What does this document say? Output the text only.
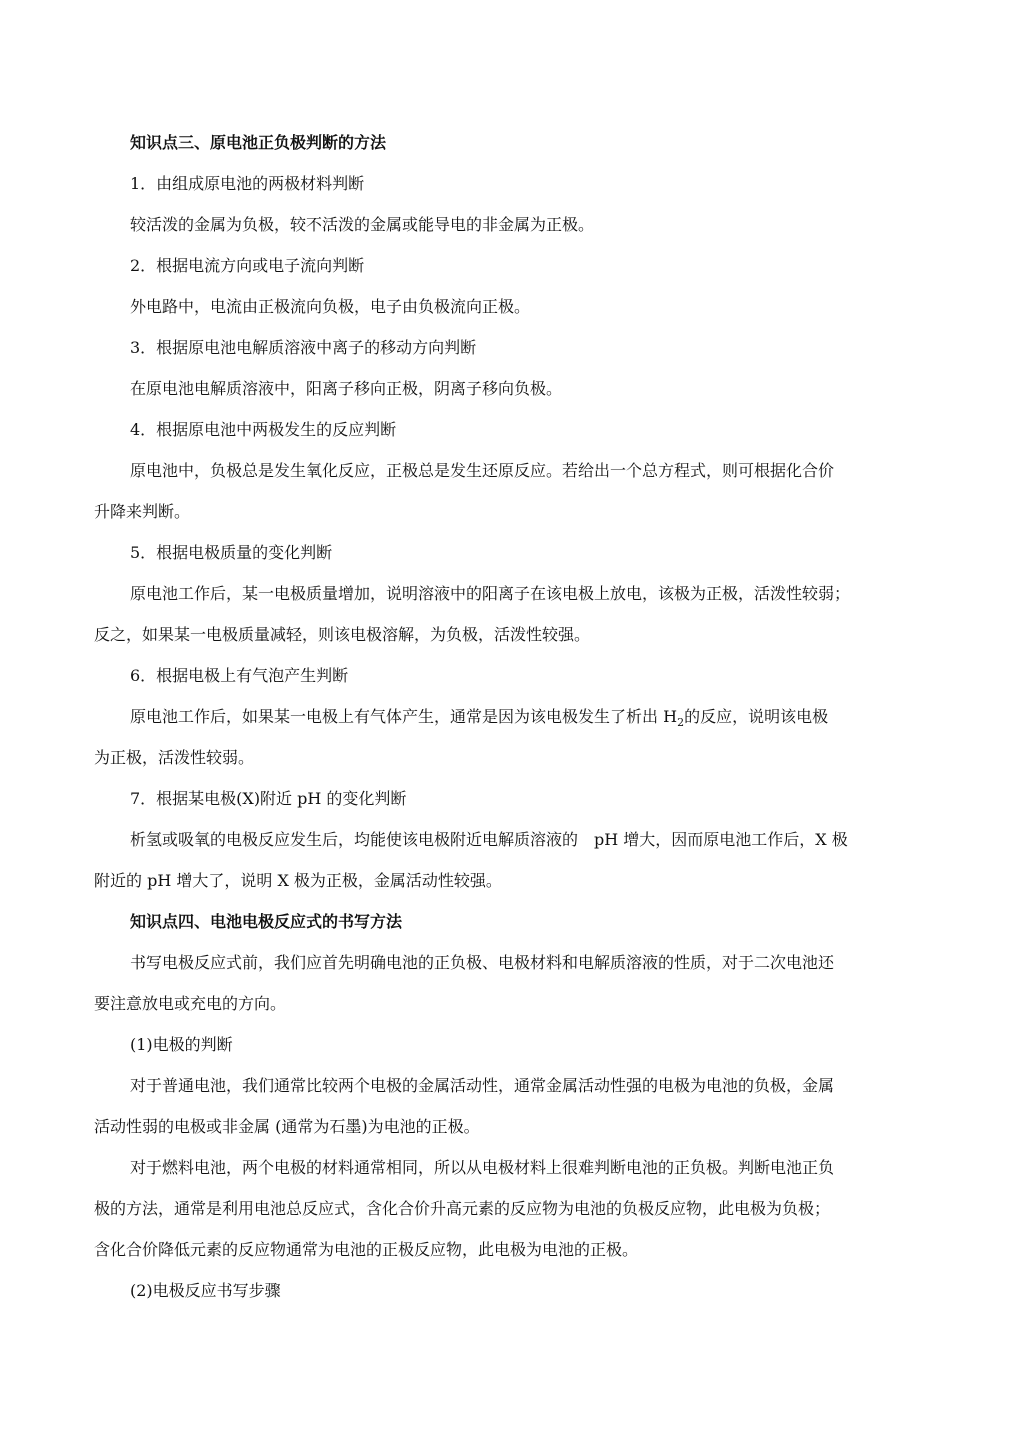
知识点三、原电池正负极判断的方法
1．由组成原电池的两极材料判断
较活泼的金属为负极，较不活泼的金属或能导电的非金属为正极。
2．根据电流方向或电子流向判断
外电路中，电流由正极流向负极，电子由负极流向正极。
3．根据原电池电解质溶液中离子的移动方向判断
在原电池电解质溶液中，阳离子移向正极，阴离子移向负极。
4．根据原电池中两极发生的反应判断
原电池中，负极总是发生氧化反应，正极总是发生还原反应。若给出一个总方程式，则可根据化合价
升降来判断。
5．根据电极质量的变化判断
原电池工作后，某一电极质量增加，说明溶液中的阳离子在该电极上放电，该极为正极，活泼性较弱；
反之，如果某一电极质量减轻，则该电极溶解，为负极，活泼性较强。
6．根据电极上有气泡产生判断
原电池工作后，如果某一电极上有气体产生，通常是因为该电极发生了析出 $H_2$的反应，说明该电极
为正极，活泼性较弱。
7．根据某电极(X)附近 pH 的变化判断
析氢或吸氧的电极反应发生后，均能使该电极附近电解质溶液的　pH 增大，因而原电池工作后，X 极
附近的 pH 增大了，说明 X 极为正极，金属活动性较强。
知识点四、电池电极反应式的书写方法
书写电极反应式前，我们应首先明确电池的正负极、电极材料和电解质溶液的性质，对于二次电池还
要注意放电或充电的方向。
(1)电极的判断
对于普通电池，我们通常比较两个电极的金属活动性，通常金属活动性强的电极为电池的负极，金属
活动性弱的电极或非金属 (通常为石墨)为电池的正极。
对于燃料电池，两个电极的材料通常相同，所以从电极材料上很难判断电池的正负极。判断电池正负
极的方法，通常是利用电池总反应式，含化合价升高元素的反应物为电池的负极反应物，此电极为负极；
含化合价降低元素的反应物通常为电池的正极反应物，此电极为电池的正极。
(2)电极反应书写步骤
